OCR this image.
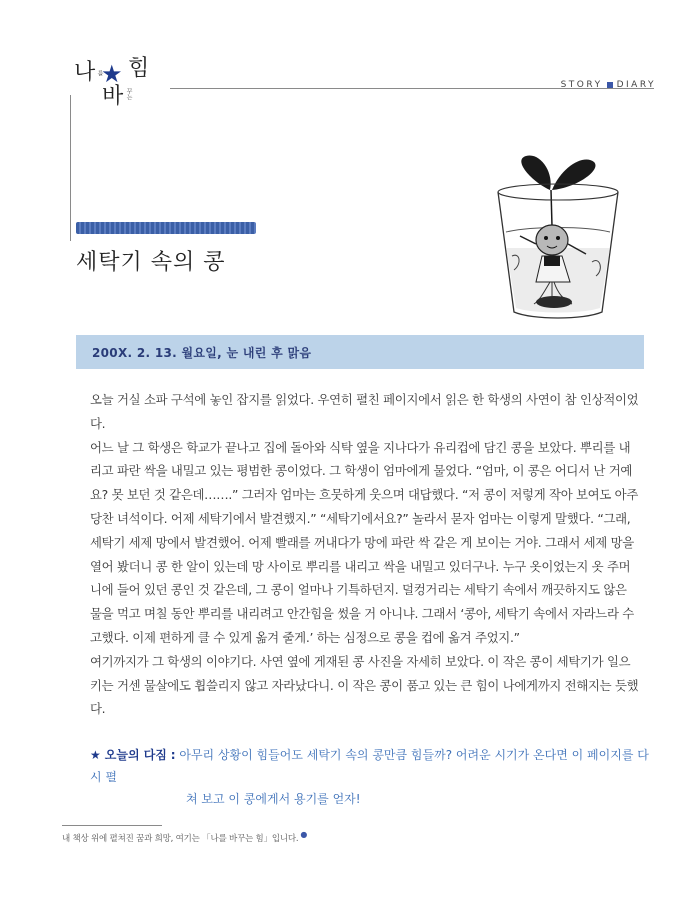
나 를
★ 힘
바 꾸는
STORY DIARY
세탁기 속의 콩
200X. 2. 13. 월요일, 눈 내린 후 맑음

오늘 거실 소파 구석에 놓인 잡지를 읽었다. 우연히 펼친 페이지에서 읽은 한 학생의 사연이 참 인상적이었
다.

어느 날 그 학생은 학교가 끝나고 집에 돌아와 식탁 옆을 지나다가 유리컵에 담긴 콩을 보았다. 뿌리를 내
리고 파란 싹을 내밀고 있는 평범한 콩이었다. 그 학생이 엄마에게 물었다. “엄마, 이 콩은 어디서 난 거예
요? 못 보던 것 같은데…….” 그러자 엄마는 흐뭇하게 웃으며 대답했다. “저 콩이 저렇게 작아 보여도 아주
당찬 녀석이다. 어제 세탁기에서 발견했지.” “세탁기에서요?” 놀라서 묻자 엄마는 이렇게 말했다. “그래,
세탁기 세제 망에서 발견했어. 어제 빨래를 꺼내다가 망에 파란 싹 같은 게 보이는 거야. 그래서 세제 망을
열어 봤더니 콩 한 알이 있는데 망 사이로 뿌리를 내리고 싹을 내밀고 있더구나. 누구 옷이었는지 옷 주머
니에 들어 있던 콩인 것 같은데, 그 콩이 얼마나 기특하던지. 덜컹거리는 세탁기 속에서 깨끗하지도 않은
물을 먹고 며칠 동안 뿌리를 내리려고 안간힘을 썼을 거 아니냐. 그래서 ‘콩아, 세탁기 속에서 자라느라 수
고했다. 이제 편하게 클 수 있게 옮겨 줄게.’ 하는 심정으로 콩을 컵에 옮겨 주었지.”

여기까지가 그 학생의 이야기다. 사연 옆에 게재된 콩 사진을 자세히 보았다. 이 작은 콩이 세탁기가 일으
키는 거센 물살에도 휩쓸리지 않고 자라났다니. 이 작은 콩이 품고 있는 큰 힘이 나에게까지 전해지는 듯했
다.

★ 오늘의 다짐 : 아무리 상황이 힘들어도 세탁기 속의 콩만큼 힘들까? 어려운 시기가 온다면 이 페이지를 다시 펼
쳐 보고 이 콩에게서 용기를 얻자!
내 책상 위에 펼쳐진 꿈과 희망, 여기는 「나를 바꾸는 힘」입니다. ●
